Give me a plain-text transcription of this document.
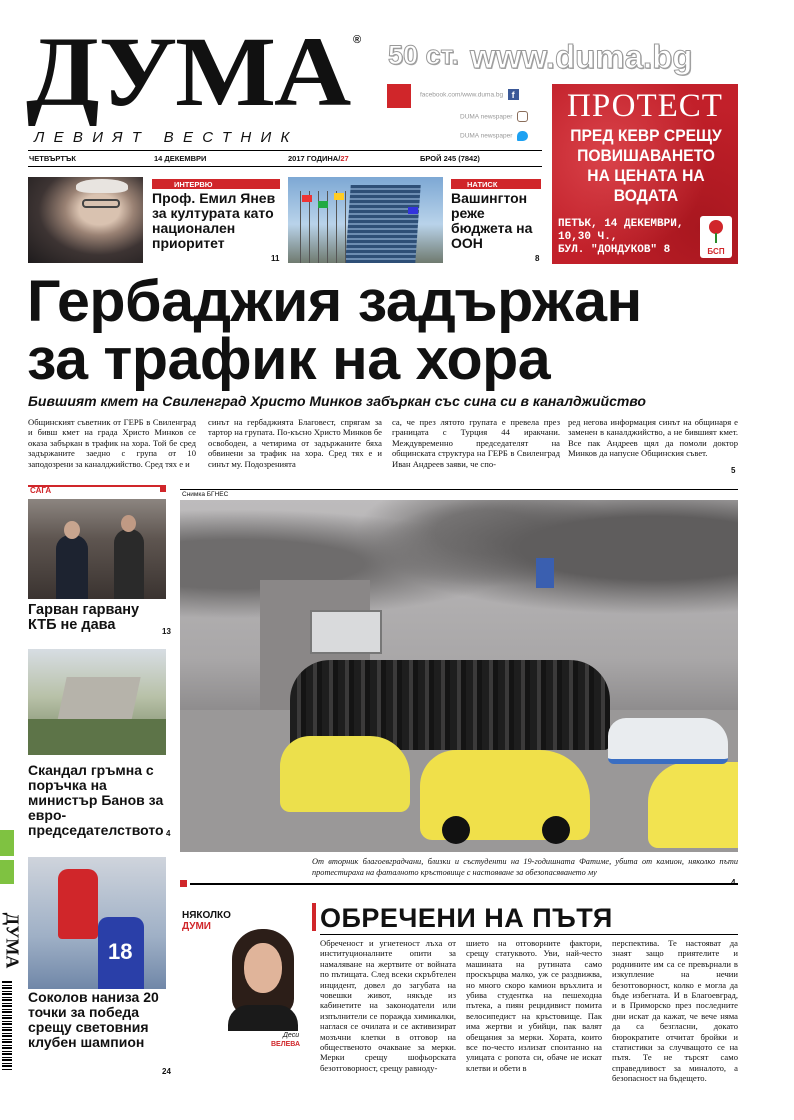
ДУМА ®
ЛЕВИЯТ ВЕСТНИК
50 ст. www.duma.bg
facebook.com/www.duma.bg f
DUMA newspaper
DUMA newspaper
ПРОТЕСТ
ПРЕД КЕВР СРЕЩУ ПОВИШАВАНЕТО НА ЦЕНАТА НА ВОДАТА
ПЕТЪК, 14 ДЕКЕМВРИ,
10,30 Ч.,
БУЛ. "ДОНДУКОВ" 8	БСП
ЧЕТВЪРТЪК	14 ДЕКЕМВРИ	2017 ГОДИНА/27	БРОЙ 245 (7842)
ИНТЕРВЮ
Проф. Емил Янев за културата като национален приоритет
11
НАТИСК
Вашингтон реже бюджета на ООН
8
Гербаджия задържан
за трафик на хора
Бившият кмет на Свиленград Христо Минков забъркан със сина си в каналджийство
Общинският съветник от ГЕРБ в Свиленград и бивш кмет на града Христо Минков се оказа забъркан в трафик на хора. Той бе сред задържаните заедно с група от 10 заподозрени за каналджийство. Сред тях е и
синът на гербаджията Благовест, спрягам за тартор на групата. По-късно Христо Минков бе освободен, а четирима от задържаните бяха обвинени за трафик на хора. Сред тях е и синът му. Подозренията
са, че през лятото групата е превела през границата с Турция 44 иракчани. Междувременно председателят на общинската структура на ГЕРБ в Свиленград Иван Андреев заяви, че спо-
ред неговa информация синът на общинаря е заменен в каналджийство, а не бившият кмет. Все пак Андреев щял да помоли доктор Минков да напусне Общинския съвет.
5
САГА
Гарван гарвану КТБ не дава	13
Скандал гръмна с поръчка на министър Банов за евро-председателството 4
18
Соколов наниза 20 точки за победа срещу световния клубен шампион
24
ДУМА
Снимка БГНЕС
От вторник благоевградчани, близки и състуденти на 19-годишната Фатиме, убита от камион, няколко пъти протестираха на фаталното кръстовище с настояване за обезопасяването му
НЯКОЛКО
ДУМИ
Деси
ВЕЛЕВА
ОБРЕЧЕНИ НА ПЪТЯ
Обреченост и угнетеност лъха от институционалните опити за намаляване на жертвите от войната по пътищата. След всеки скръбтелен инцидент, довел до загубата на човешки живот, някъде из кабинетите на законодатели или изпълнители се поражда химикалки, наглася се очилата и се активизират мозъчни клетки в отговор на общественото очакване за мерки. Мерки срещу шофьорската безотговорност, срещу равноду-
шието на отговорните фактори, срещу статуквото. Уви, най-често машината на рутината само проскърцва малко, уж се раздвижва, но много скоро камион връхлита и убива студентка на пешеходна пътека, а пиян рецидивист помита велосипедист на кръстовище. Пак има жертви и убийци, пак валят обещания за мерки. Хората, които все по-често излизат спонтанно на улицата с ропота си, обаче не искат клетви и обети в
перспектива. Те настояват да знаят защо приятелите и роднините им са се превърнали в изкупление на нечии безотговорност, колко е могла да бъде избегната. И в Благоевград, и в Приморско през последните дни искат да кажат, че вече няма да са безгласни, докато бюрократите отчитат бройки и статистики за случващото се на пътя. Те не търсят само справедливост за миналото, а безопасност на бъдещето.
